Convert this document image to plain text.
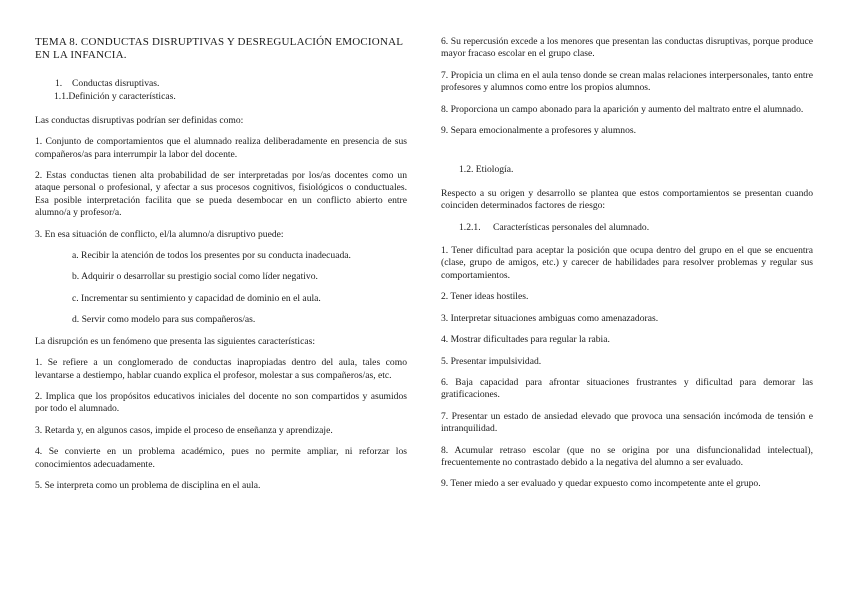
TEMA 8. CONDUCTAS DISRUPTIVAS Y DESREGULACIÓN EMOCIONAL EN LA INFANCIA.
1. Conductas disruptivas.
1.1.Definición y características.

Las conductas disruptivas podrían ser definidas como:

1. Conjunto de comportamientos que el alumnado realiza deliberadamente en presencia de sus compañeros/as para interrumpir la labor del docente.

2. Estas conductas tienen alta probabilidad de ser interpretadas por los/as docentes como un ataque personal o profesional, y afectar a sus procesos cognitivos, fisiológicos o conductuales. Esa posible interpretación facilita que se pueda desembocar en un conflicto abierto entre alumno/a y profesor/a.

3. En esa situación de conflicto, el/la alumno/a disruptivo puede:

a. Recibir la atención de todos los presentes por su conducta inadecuada.
b. Adquirir o desarrollar su prestigio social como líder negativo.
c. Incrementar su sentimiento y capacidad de dominio en el aula.
d. Servir como modelo para sus compañeros/as.

La disrupción es un fenómeno que presenta las siguientes características:

1. Se refiere a un conglomerado de conductas inapropiadas dentro del aula, tales como levantarse a destiempo, hablar cuando explica el profesor, molestar a sus compañeros/as, etc.

2. Implica que los propósitos educativos iniciales del docente no son compartidos y asumidos por todo el alumnado.

3. Retarda y, en algunos casos, impide el proceso de enseñanza y aprendizaje.

4. Se convierte en un problema académico, pues no permite ampliar, ni reforzar los conocimientos adecuadamente.

5. Se interpreta como un problema de disciplina en el aula.

6. Su repercusión excede a los menores que presentan las conductas disruptivas, porque produce mayor fracaso escolar en el grupo clase.

7. Propicia un clima en el aula tenso donde se crean malas relaciones interpersonales, tanto entre profesores y alumnos como entre los propios alumnos.

8. Proporciona un campo abonado para la aparición y aumento del maltrato entre el alumnado.

9. Separa emocionalmente a profesores y alumnos.

1.2. Etiología.

Respecto a su origen y desarrollo se plantea que estos comportamientos se presentan cuando coinciden determinados factores de riesgo:

1.2.1. Características personales del alumnado.

1. Tener dificultad para aceptar la posición que ocupa dentro del grupo en el que se encuentra (clase, grupo de amigos, etc.) y carecer de habilidades para resolver problemas y regular sus comportamientos.

2. Tener ideas hostiles.

3. Interpretar situaciones ambiguas como amenazadoras.

4. Mostrar dificultades para regular la rabia.

5. Presentar impulsividad.

6. Baja capacidad para afrontar situaciones frustrantes y dificultad para demorar las gratificaciones.

7. Presentar un estado de ansiedad elevado que provoca una sensación incómoda de tensión e intranquilidad.

8. Acumular retraso escolar (que no se origina por una disfuncionalidad intelectual), frecuentemente no contrastado debido a la negativa del alumno a ser evaluado.

9. Tener miedo a ser evaluado y quedar expuesto como incompetente ante el grupo.
